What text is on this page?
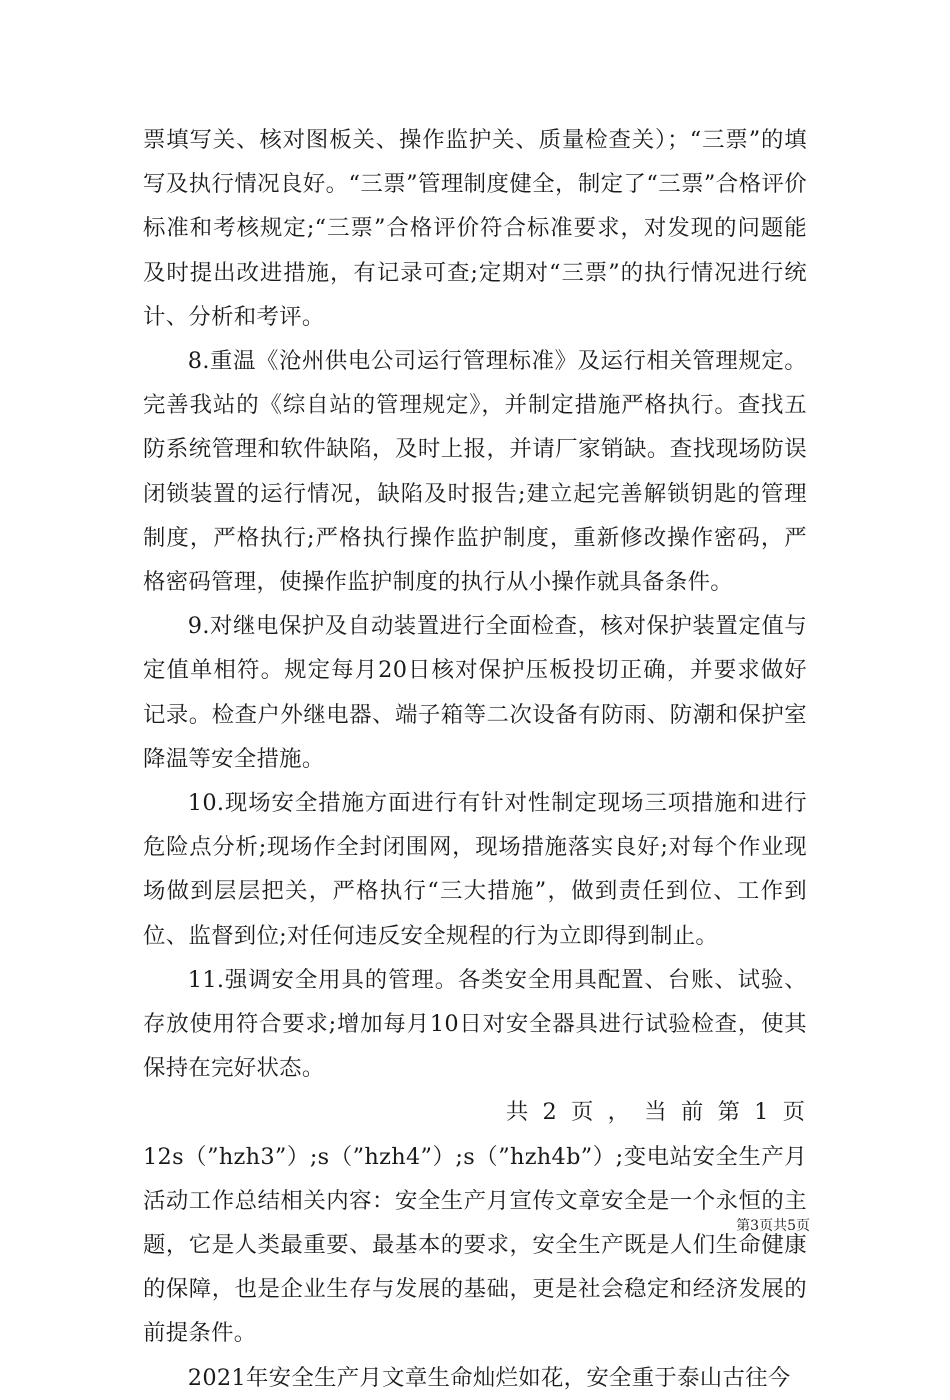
票填写关、核对图板关、操作监护关、质量检查关）；“三票”的填写及执行情况良好。“三票”管理制度健全，制定了“三票”合格评价标准和考核规定;“三票”合格评价符合标准要求，对发现的问题能及时提出改进措施，有记录可查;定期对“三票”的执行情况进行统计、分析和考评。

8.重温《沧州供电公司运行管理标准》及运行相关管理规定。完善我站的《综自站的管理规定》，并制定措施严格执行。查找五防系统管理和软件缺陷，及时上报，并请厂家销缺。查找现场防误闭锁装置的运行情况，缺陷及时报告;建立起完善解锁钥匙的管理制度，严格执行;严格执行操作监护制度，重新修改操作密码，严格密码管理，使操作监护制度的执行从小操作就具备条件。

9.对继电保护及自动装置进行全面检查，核对保护装置定值与定值单相符。规定每月20日核对保护压板投切正确，并要求做好记录。检查户外继电器、端子箱等二次设备有防雨、防潮和保护室降温等安全措施。

10.现场安全措施方面进行有针对性制定现场三项措施和进行危险点分析;现场作全封闭围网，现场措施落实良好;对每个作业现场做到层层把关，严格执行“三大措施”，做到责任到位、工作到位、监督到位;对任何违反安全规程的行为立即得到制止。

11.强调安全用具的管理。各类安全用具配置、台账、试验、存放使用符合要求;增加每月10日对安全器具进行试验检查，使其保持在完好状态。

共  2  页  ，  当  前  第  1  页

12s（”hzh3”）;s（”hzh4”）;s（”hzh4b”）;变电站安全生产月活动工作总结相关内容：安全生产月宣传文章安全是一个永恒的主题，它是人类最重要、最基本的要求，安全生产既是人们生命健康的保障，也是企业生存与发展的基础，更是社会稳定和经济发展的前提条件。

2021年安全生产月文章生命灿烂如花，安全重于泰山古往今

第3页共5页
